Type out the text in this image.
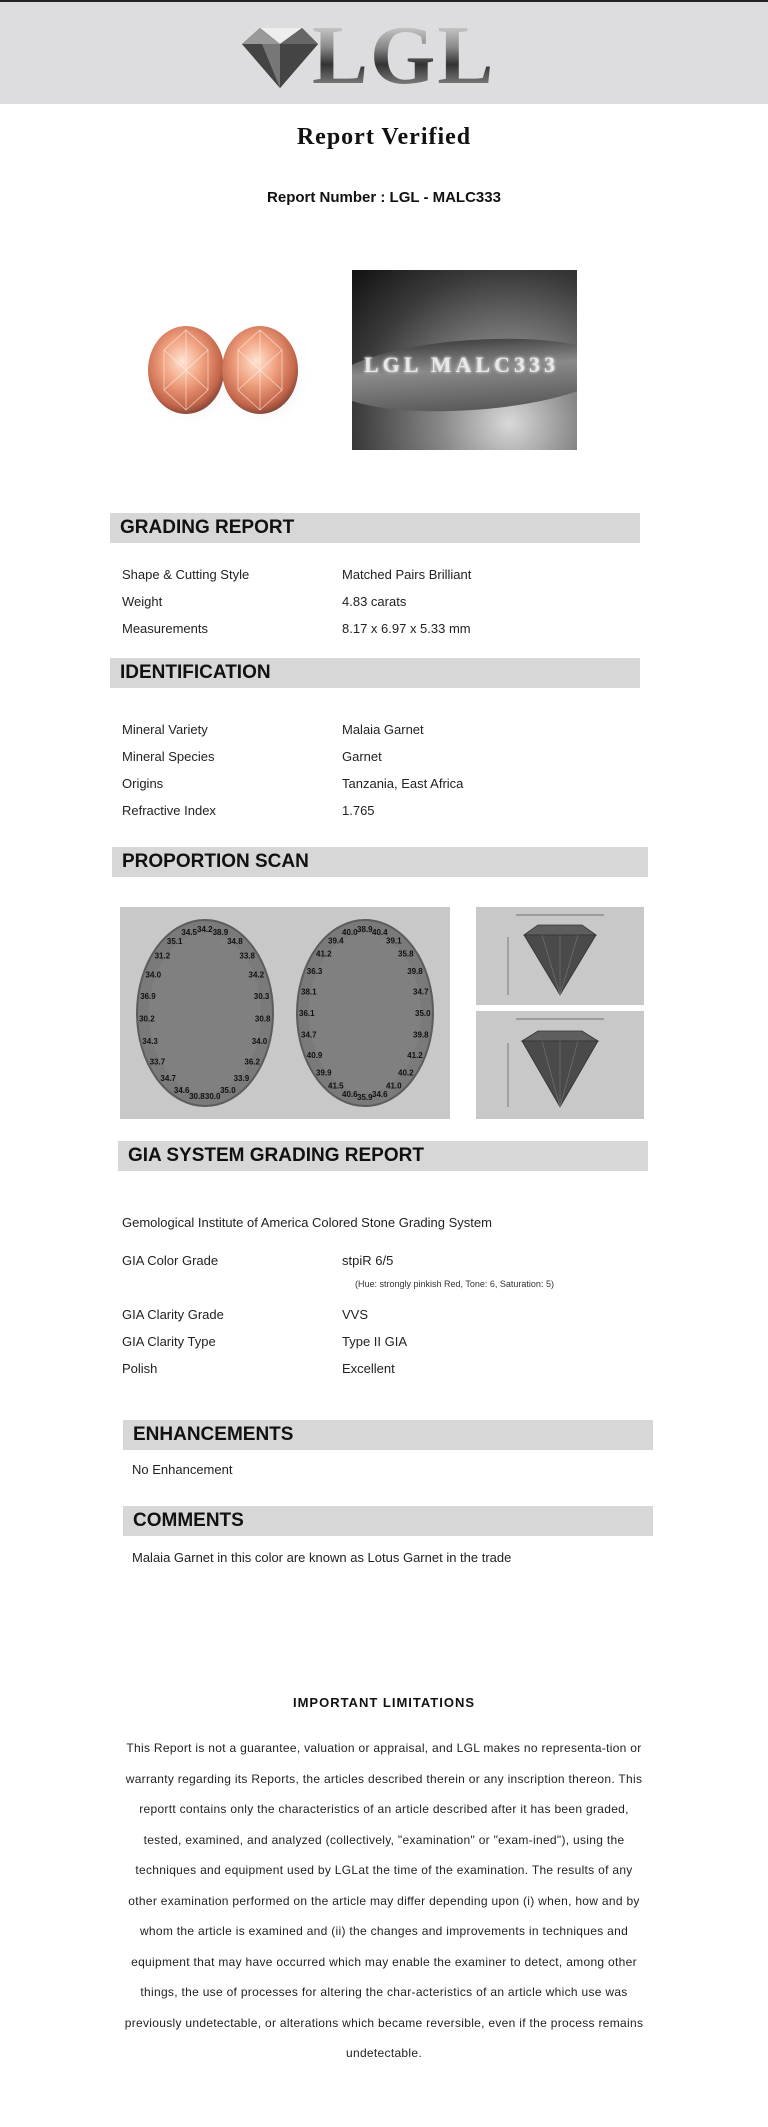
LGL
Report Verified
Report Number : LGL - MALC333
LGL MALC333
GRADING REPORT
Shape & Cutting Style	Matched Pairs Brilliant
Weight	4.83 carats
Measurements	8.17 x 6.97 x 5.33 mm
IDENTIFICATION
Mineral Variety	Malaia Garnet
Mineral Species	Garnet
Origins	Tanzania, East Africa
Refractive Index	1.765
PROPORTION SCAN
34.2 38.9
34.8
33.8
34.2
30.3
30.8
34.0
36.2
33.9
35.0
30.0
30.8
34.6
34.7
33.7
34.3
30.2
36.9
34.0
31.2
35.1
34.5	38.9 40.4
39.1
35.8
39.8
34.7
35.0
39.8
41.2
40.2
41.0
34.6
35.9
40.6
41.5
39.9
40.9
34.7
36.1
38.1
36.3
41.2
39.4
40.0
GIA SYSTEM GRADING REPORT
Gemological Institute of America Colored Stone Grading System
GIA Color Grade	stpiR 6/5
(Hue: strongly pinkish Red, Tone: 6, Saturation: 5)
GIA Clarity Grade	VVS
GIA Clarity Type	Type II GIA
Polish	Excellent
ENHANCEMENTS
No Enhancement
COMMENTS
Malaia Garnet in this color are known as Lotus Garnet in the trade
IMPORTANT LIMITATIONS
This Report is not a guarantee, valuation or appraisal, and LGL makes no representa-tion or warranty regarding its Reports, the articles described therein or any inscription thereon. This reportt contains only the characteristics of an article described after it has been graded, tested, examined, and analyzed (collectively, "examination" or "exam-ined"), using the techniques and equipment used by LGLat the time of the examination. The results of any other examination performed on the article may differ depending upon (i) when, how and by whom the article is examined and (ii) the changes and improvements in techniques and equipment that may have occurred which may enable the examiner to detect, among other things, the use of processes for altering the char-acteristics of an article which use was previously undetectable, or alterations which became reversible, even if the process remains undetectable.
